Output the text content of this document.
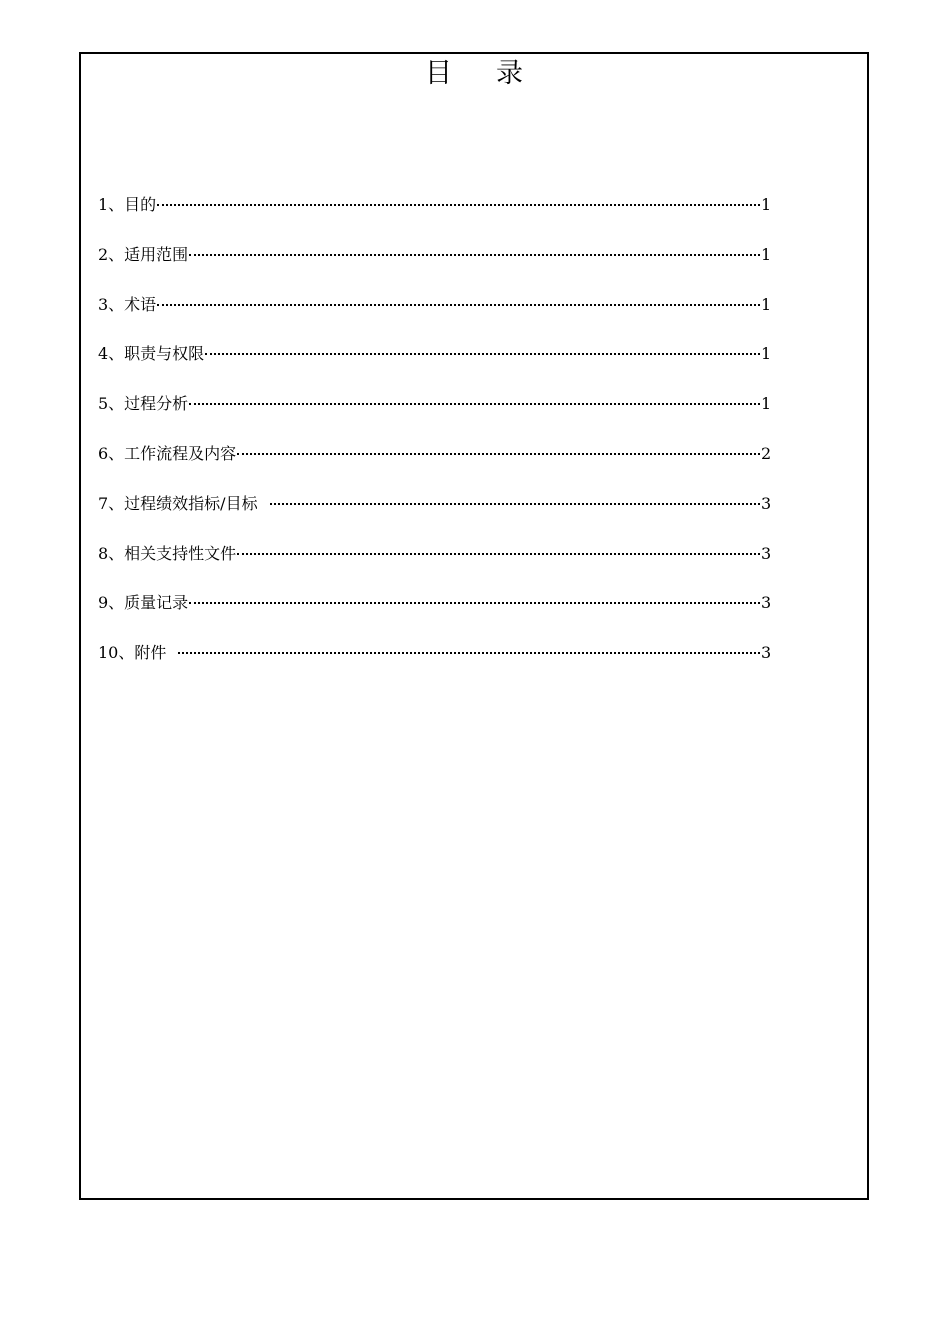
目 录
1、目的	1
2、适用范围	1
3、术语	1
4、职责与权限	1
5、过程分析	1
6、工作流程及内容	2
7、过程绩效指标/目标	3
8、相关支持性文件	3
9、质量记录	3
10、附件	3
